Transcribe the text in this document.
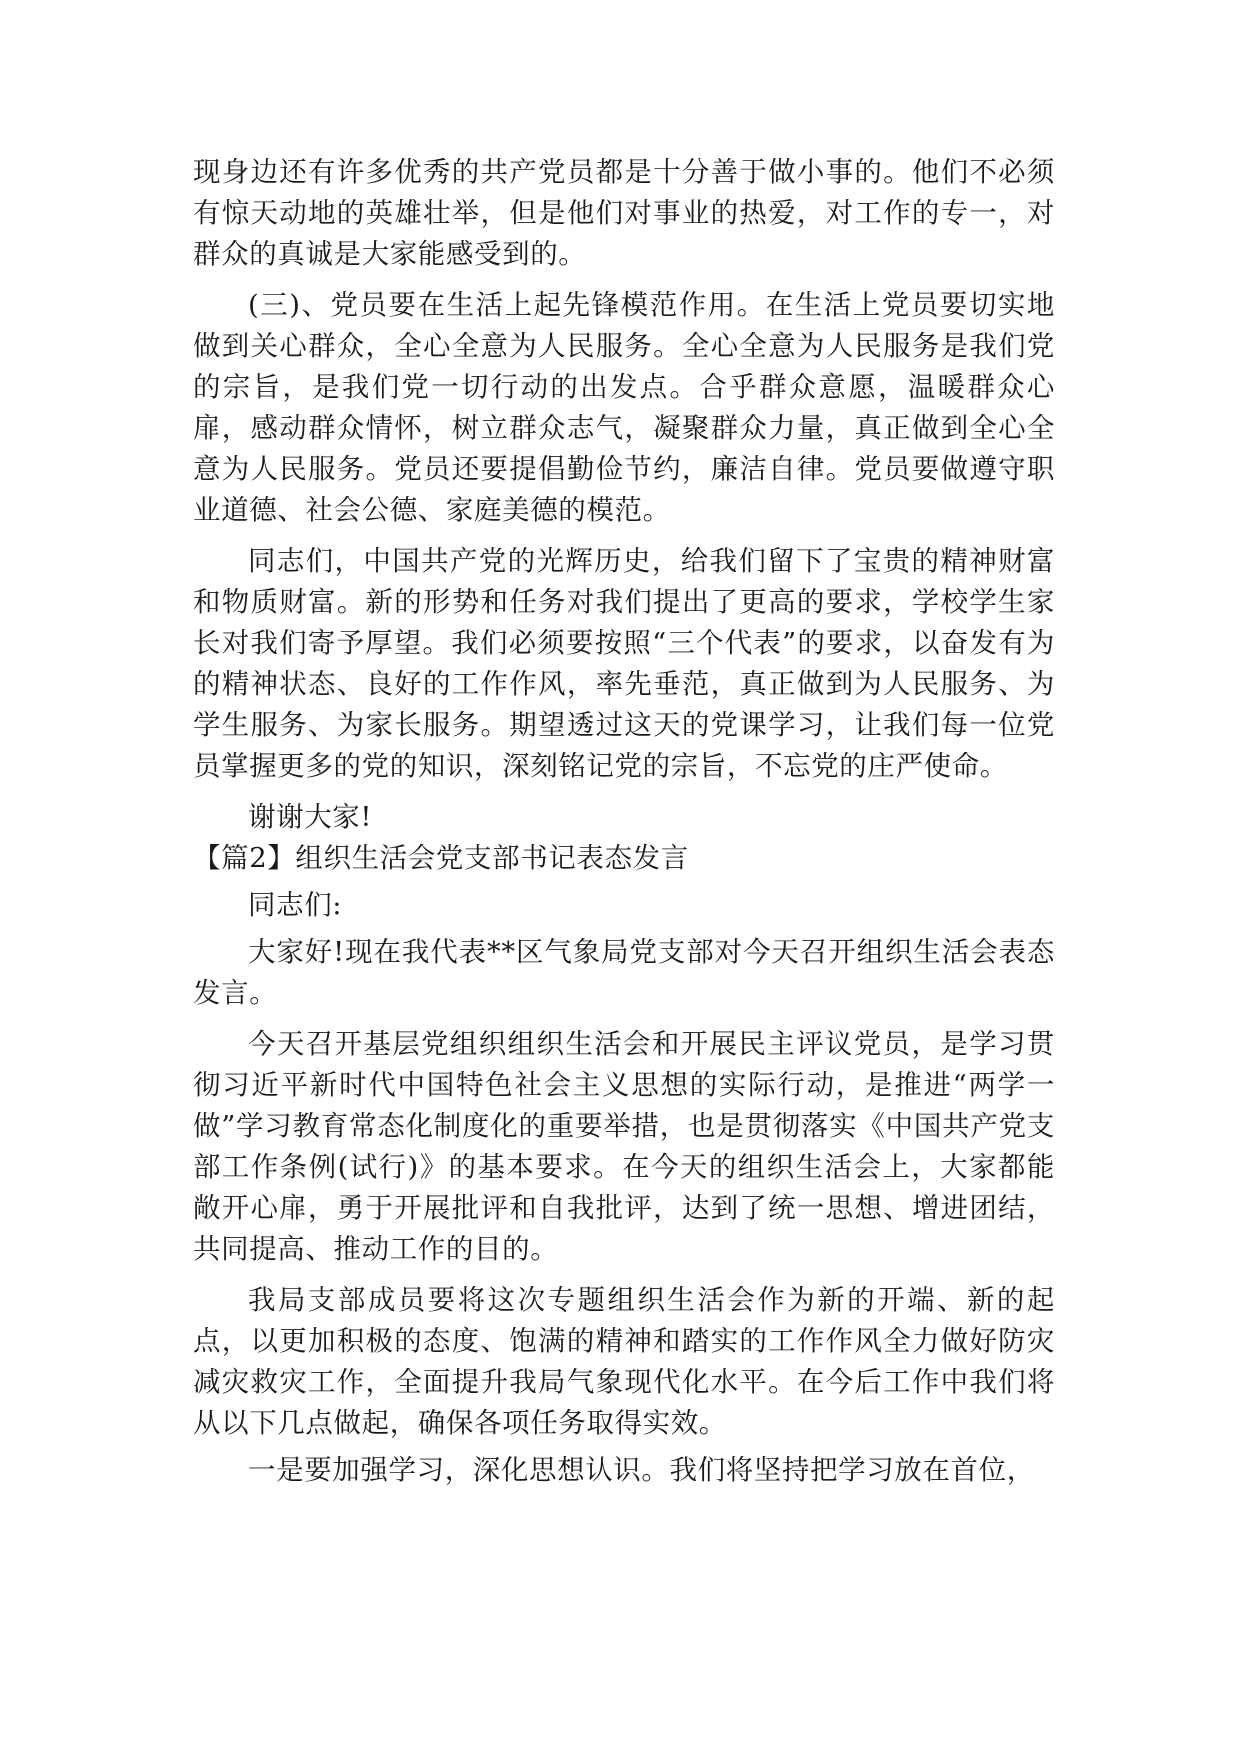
现身边还有许多优秀的共产党员都是十分善于做小事的。他们不必须有惊天动地的英雄壮举，但是他们对事业的热爱，对工作的专一，对群众的真诚是大家能感受到的。

(三)、党员要在生活上起先锋模范作用。在生活上党员要切实地做到关心群众，全心全意为人民服务。全心全意为人民服务是我们党的宗旨，是我们党一切行动的出发点。合乎群众意愿，温暖群众心扉，感动群众情怀，树立群众志气，凝聚群众力量，真正做到全心全意为人民服务。党员还要提倡勤俭节约，廉洁自律。党员要做遵守职业道德、社会公德、家庭美德的模范。

同志们，中国共产党的光辉历史，给我们留下了宝贵的精神财富和物质财富。新的形势和任务对我们提出了更高的要求，学校学生家长对我们寄予厚望。我们必须要按照“三个代表”的要求，以奋发有为的精神状态、良好的工作作风，率先垂范，真正做到为人民服务、为学生服务、为家长服务。期望透过这天的党课学习，让我们每一位党员掌握更多的党的知识，深刻铭记党的宗旨，不忘党的庄严使命。

谢谢大家!

【篇2】组织生活会党支部书记表态发言

同志们:

大家好!现在我代表**区气象局党支部对今天召开组织生活会表态发言。

今天召开基层党组织组织生活会和开展民主评议党员，是学习贯彻习近平新时代中国特色社会主义思想的实际行动，是推进“两学一做”学习教育常态化制度化的重要举措，也是贯彻落实《中国共产党支部工作条例(试行)》的基本要求。在今天的组织生活会上，大家都能敞开心扉，勇于开展批评和自我批评，达到了统一思想、增进团结，共同提高、推动工作的目的。

我局支部成员要将这次专题组织生活会作为新的开端、新的起点，以更加积极的态度、饱满的精神和踏实的工作作风全力做好防灾减灾救灾工作，全面提升我局气象现代化水平。在今后工作中我们将从以下几点做起，确保各项任务取得实效。

一是要加强学习，深化思想认识。我们将坚持把学习放在首位，
